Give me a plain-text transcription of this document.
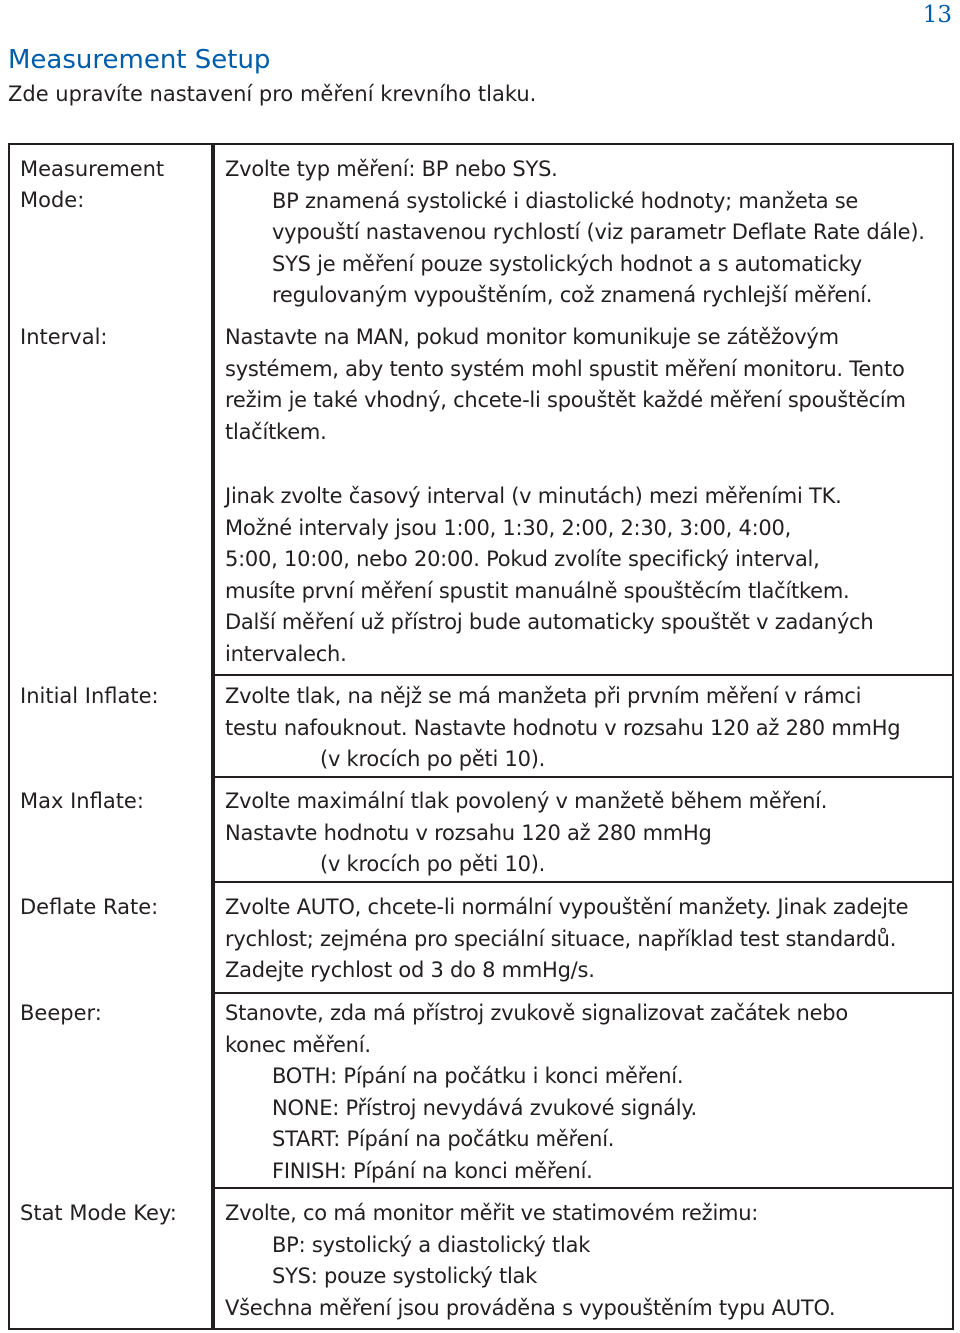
13
Measurement Setup

Zde upravíte nastavení pro měření krevního tlaku.

Measurement
Mode:
Zvolte typ měření: BP nebo SYS.
BP znamená systolické i diastolické hodnoty; manžeta se
vypouští nastavenou rychlostí (viz parametr Deflate Rate dále).
SYS je měření pouze systolických hodnot a s automaticky
regulovaným vypouštěním, což znamená rychlejší měření.
Interval:	Nastavte na MAN, pokud monitor komunikuje se zátěžovým
systémem, aby tento systém mohl spustit měření monitoru. Tento
režim je také vhodný, chcete-li spouštět každé měření spouštěcím
tlačítkem.
Jinak zvolte časový interval (v minutách) mezi měřeními TK.
Možné intervaly jsou 1:00, 1:30, 2:00, 2:30, 3:00, 4:00,
5:00, 10:00, nebo 20:00. Pokud zvolíte specifický interval,
musíte první měření spustit manuálně spouštěcím tlačítkem.
Další měření už přístroj bude automaticky spouštět v zadaných
intervalech.
Initial Inflate:	Zvolte tlak, na nějž se má manžeta při prvním měření v rámci
testu nafouknout. Nastavte hodnotu v rozsahu 120 až 280 mmHg
(v krocích po pěti 10).
Max Inflate:	Zvolte maximální tlak povolený v manžetě během měření.
Nastavte hodnotu v rozsahu 120 až 280 mmHg
(v krocích po pěti 10).
Deflate Rate:	Zvolte AUTO, chcete-li normální vypouštění manžety. Jinak zadejte
rychlost; zejména pro speciální situace, například test standardů.
Zadejte rychlost od 3 do 8 mmHg/s.
Beeper:	Stanovte, zda má přístroj zvukově signalizovat začátek nebo
konec měření.
BOTH: Pípání na počátku i konci měření.
NONE: Přístroj nevydává zvukové signály.
START: Pípání na počátku měření.
FINISH: Pípání na konci měření.
Stat Mode Key: Zvolte, co má monitor měřit ve statimovém režimu:
BP: systolický a diastolický tlak
SYS: pouze systolický tlak
Všechna měření jsou prováděna s vypouštěním typu AUTO.
